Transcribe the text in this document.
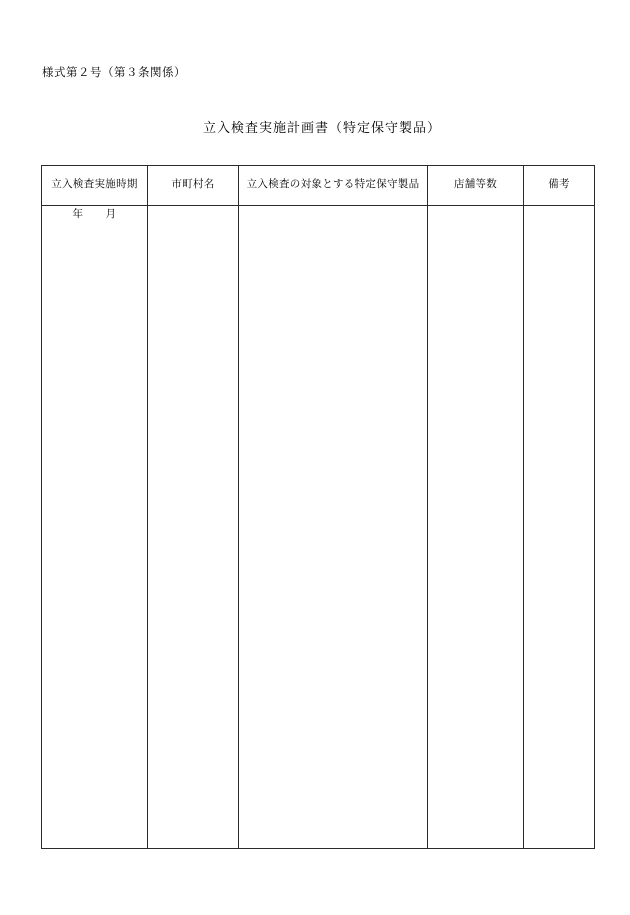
様式第２号（第３条関係）
立入検査実施計画書（特定保守製品）
立入検査実施時期	市町村名	立入検査の対象とする特定保守製品	店舗等数	備考
年 月				
